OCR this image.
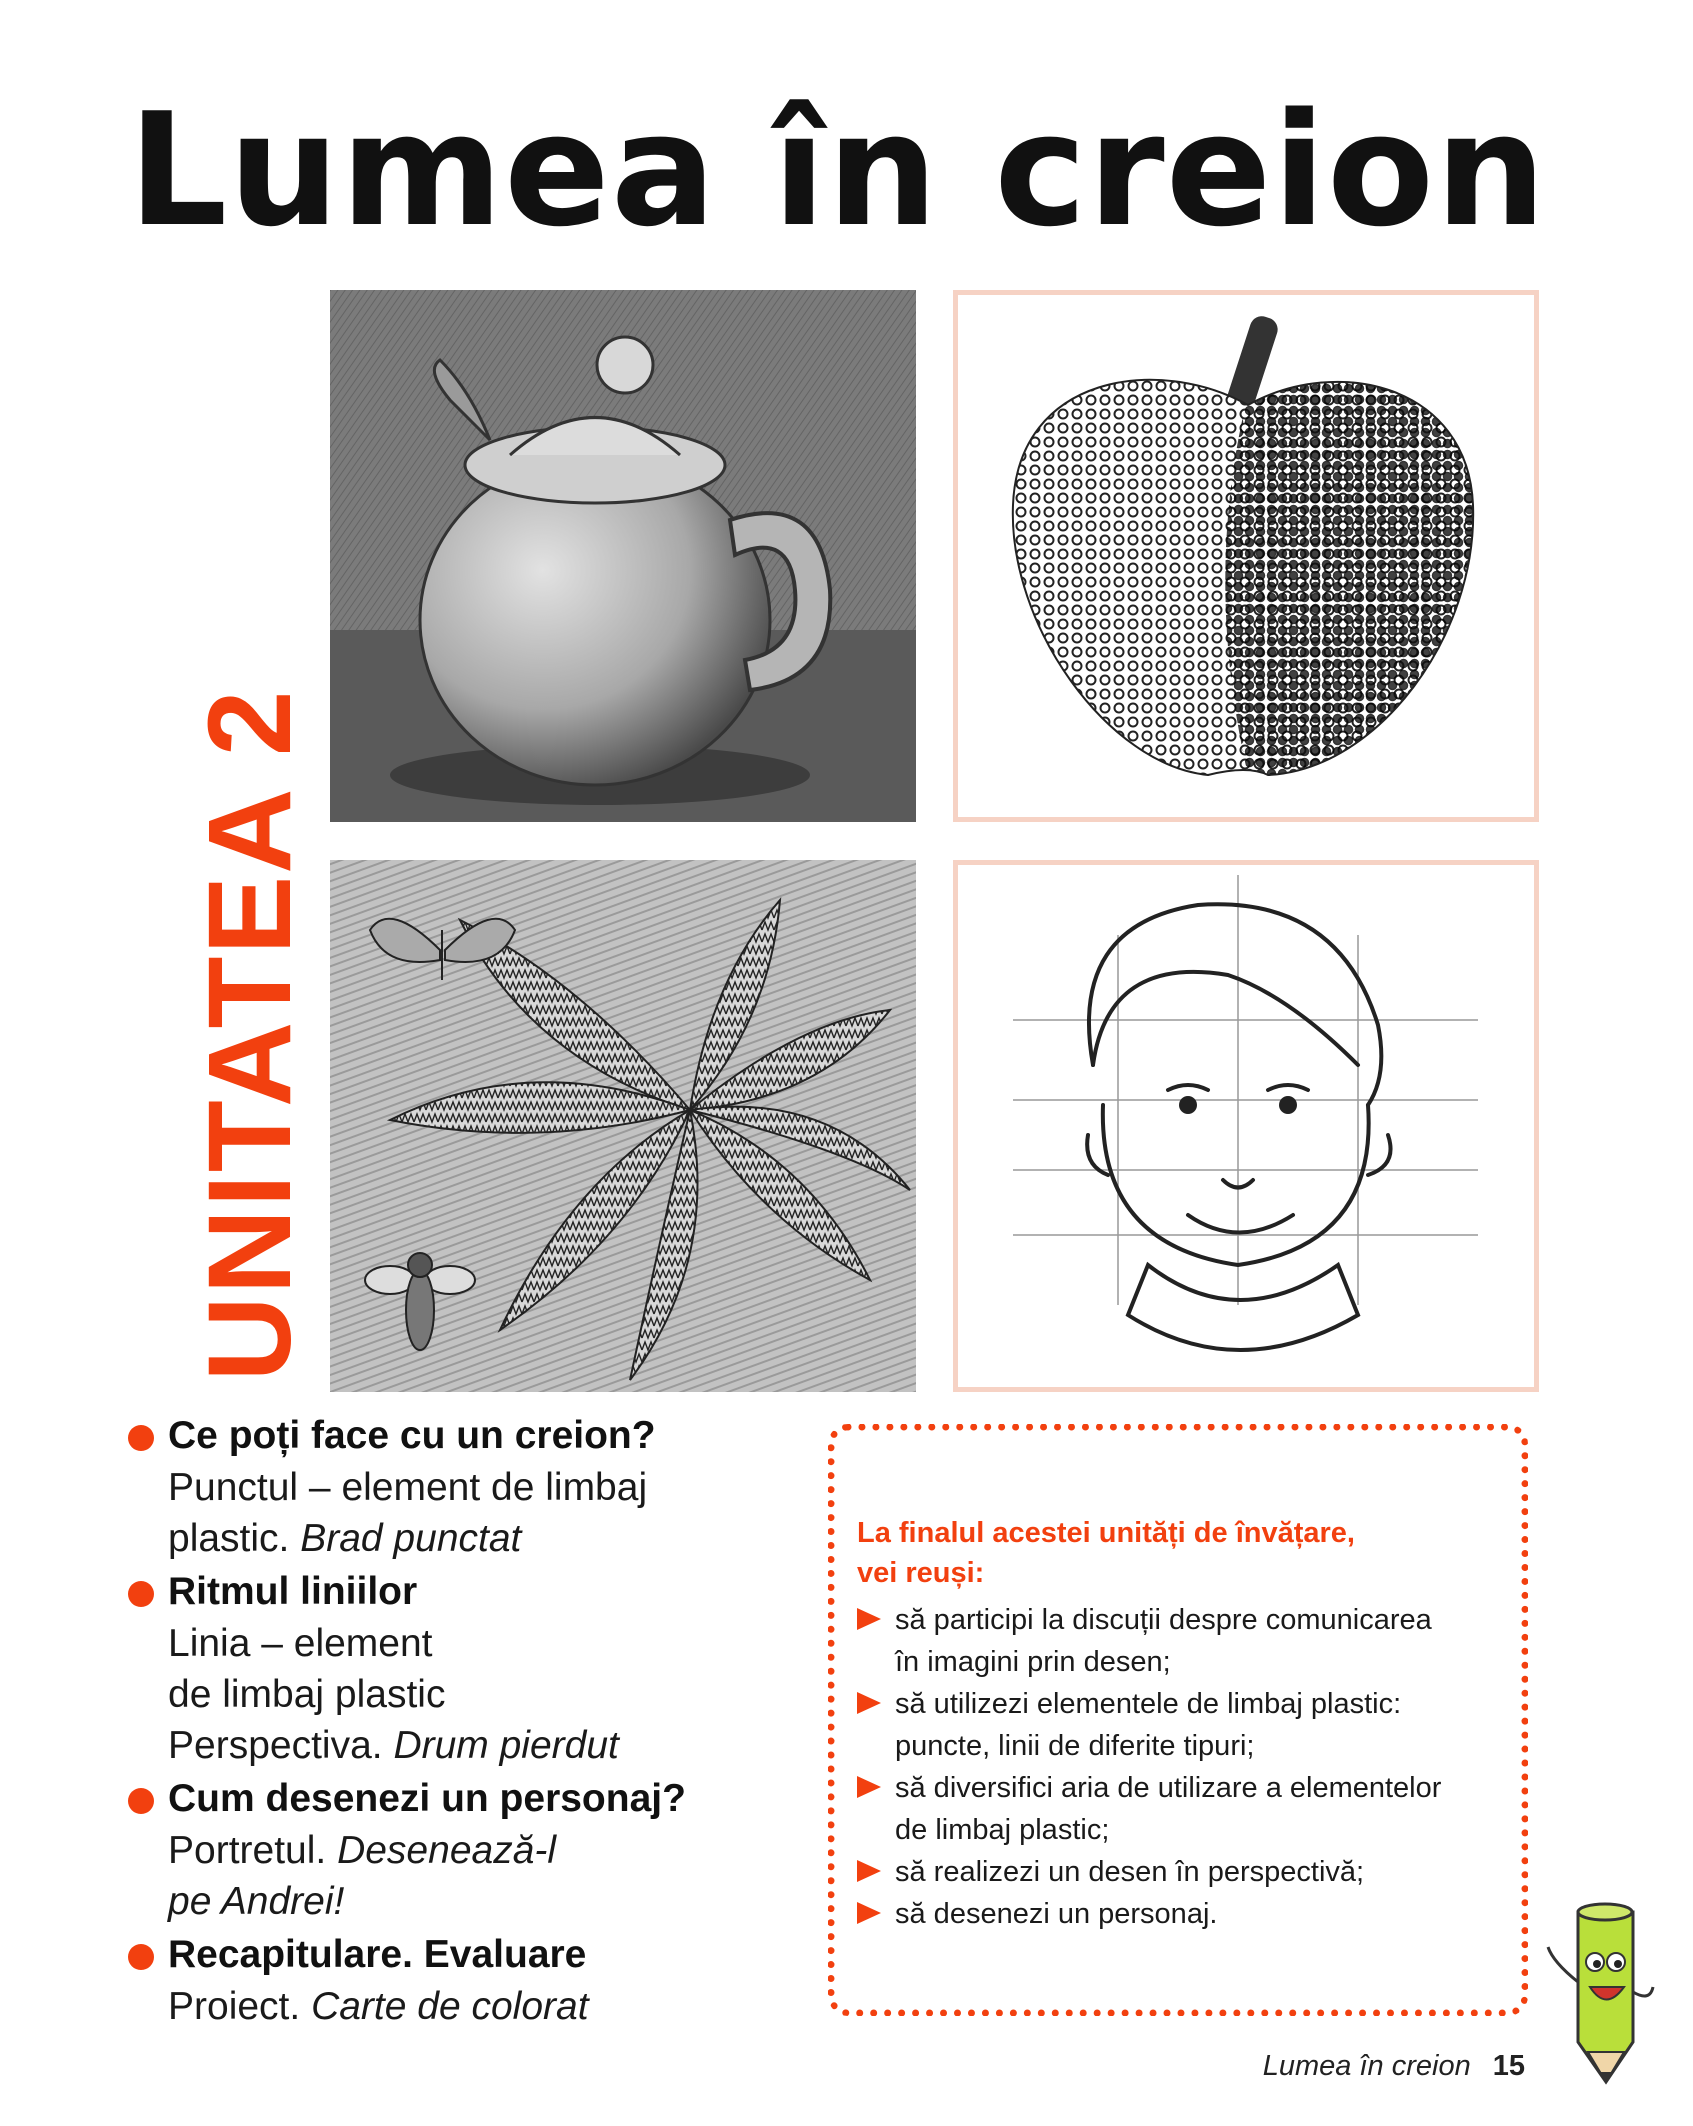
Lumea în creion
UNITATEA 2
Ce poți face cu un creion?
Punctul – element de limbaj
plastic. Brad punctat
Ritmul liniilor
Linia – element
de limbaj plastic
Perspectiva. Drum pierdut
Cum desenezi un personaj?
Portretul. Desenează-l
pe Andrei!
Recapitulare. Evaluare
Proiect. Carte de colorat
La finalul acestei unități de învățare,
vei reuși:
să participi la discuții despre comunicarea
în imagini prin desen;
să utilizezi elementele de limbaj plastic:
puncte, linii de diferite tipuri;
să diversifici aria de utilizare a elementelor
de limbaj plastic;
să realizezi un desen în perspectivă;
să desenezi un personaj.
Lumea în creion 15
